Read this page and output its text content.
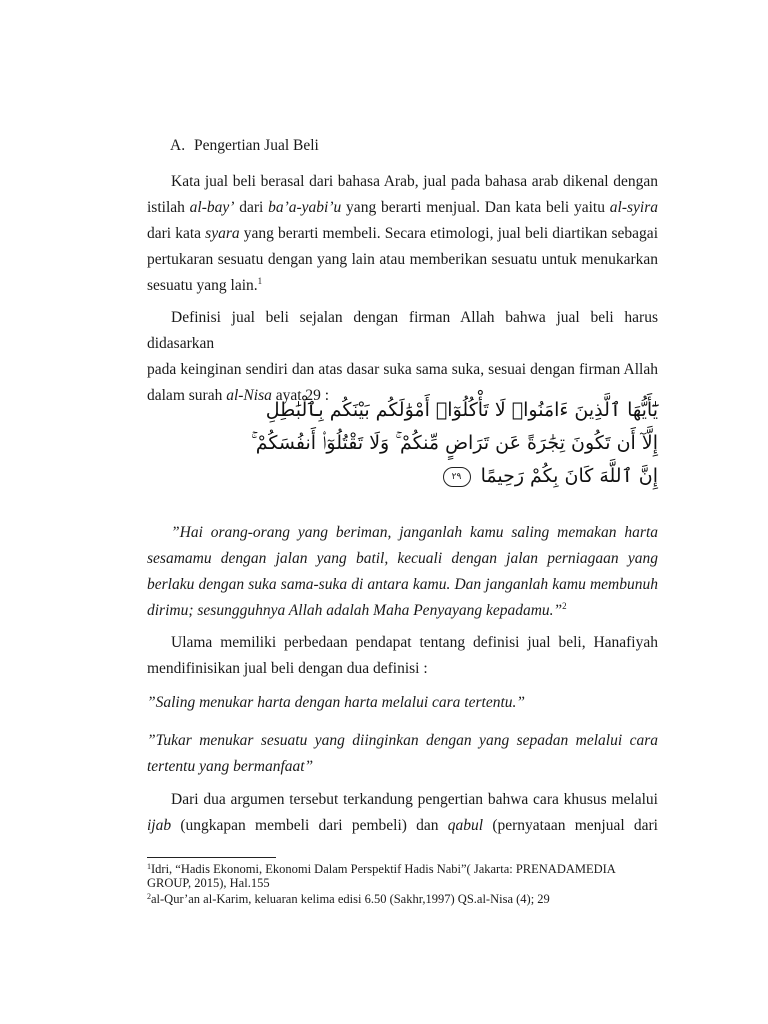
A. Pengertian Jual Beli

Kata jual beli berasal dari bahasa Arab, jual pada bahasa arab dikenal dengan
istilah al-bay’ dari ba’a-yabi’u yang berarti menjual. Dan kata beli yaitu al-syira
dari kata syara yang berarti membeli. Secara etimologi, jual beli diartikan sebagai
pertukaran sesuatu dengan yang lain atau memberikan sesuatu untuk menukarkan
sesuatu yang lain.$^1$
Definisi jual beli sejalan dengan firman Allah bahwa jual beli harus didasarkan
pada keinginan sendiri dan atas dasar suka sama suka, sesuai dengan firman Allah
dalam surah al-Nisa ayat 29 :
يَٰٓأَيُّهَا ٱلَّذِينَ ءَامَنُوا۟ لَا تَأْكُلُوٓا۟ أَمْوَٰلَكُم بَيْنَكُم بِٱلْبَٰطِلِ
إِلَّآ أَن تَكُونَ تِجَٰرَةً عَن تَرَاضٍ مِّنكُمْ ۚ وَلَا تَقْتُلُوٓا۟ أَنفُسَكُمْ ۚ
إِنَّ ٱللَّهَ كَانَ بِكُمْ رَحِيمًا ٢٩
”Hai orang-orang yang beriman, janganlah kamu saling memakan harta
sesamamu dengan jalan yang batil, kecuali dengan jalan perniagaan yang
berlaku dengan suka sama-suka di antara kamu. Dan janganlah kamu membunuh
dirimu; sesungguhnya Allah adalah Maha Penyayang kepadamu.”$^2$
Ulama memiliki perbedaan pendapat tentang definisi jual beli, Hanafiyah
mendifinisikan jual beli dengan dua definisi :
”Saling menukar harta dengan harta melalui cara tertentu.”
”Tukar menukar sesuatu yang diinginkan dengan yang sepadan melalui cara
tertentu yang bermanfaat”
Dari dua argumen tersebut terkandung pengertian bahwa cara khusus melalui
ijab (ungkapan membeli dari pembeli) dan qabul (pernyataan menjual dari
$^1$Idri, “Hadis Ekonomi, Ekonomi Dalam Perspektif Hadis Nabi”( Jakarta: PRENADAMEDIA
GROUP, 2015), Hal.155
$^2$al-Qur’an al-Karim, keluaran kelima edisi 6.50 (Sakhr,1997) QS.al-Nisa (4); 29
